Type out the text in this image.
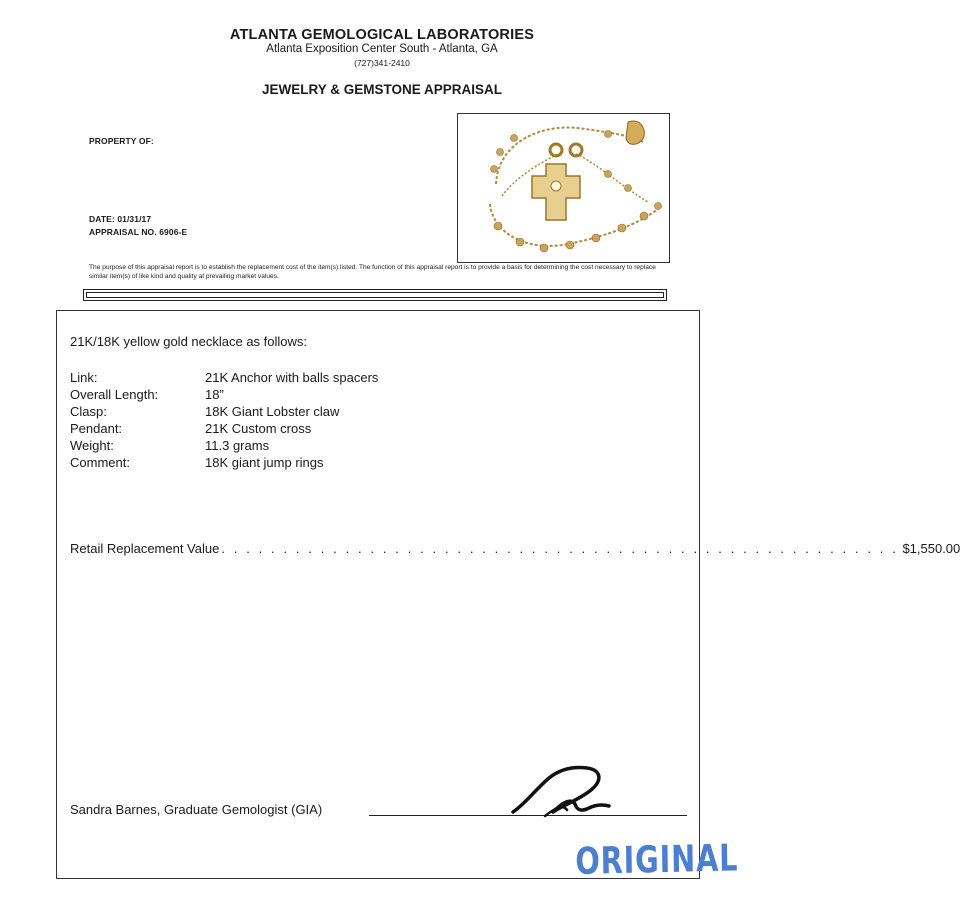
ATLANTA GEMOLOGICAL LABORATORIES
Atlanta Exposition Center South - Atlanta, GA
(727)341-2410
JEWELRY & GEMSTONE APPRAISAL
PROPERTY OF:
DATE: 01/31/17
APPRAISAL NO. 6906-E
The purpose of this appraisal report is to establish the replacement cost of the item(s) listed. The function of this appraisal report is to provide a basis for determining the cost necessary to replace similar item(s) of like kind and quality at prevailing market values.
21K/18K yellow gold necklace as follows:
Link:	21K Anchor with balls spacers
Overall Length:	18”
Clasp:	18K Giant Lobster claw
Pendant:	21K Custom cross
Weight:	11.3 grams
Comment:	18K giant jump rings
Retail Replacement Value . . . . . . . . . . . . . . . . . . . . . . . . . . . . . . . . . . . . . . . . . . . . . . . . . . . . . . . $1,550.00
Sandra Barnes, Graduate Gemologist (GIA)
ORIGINAL
